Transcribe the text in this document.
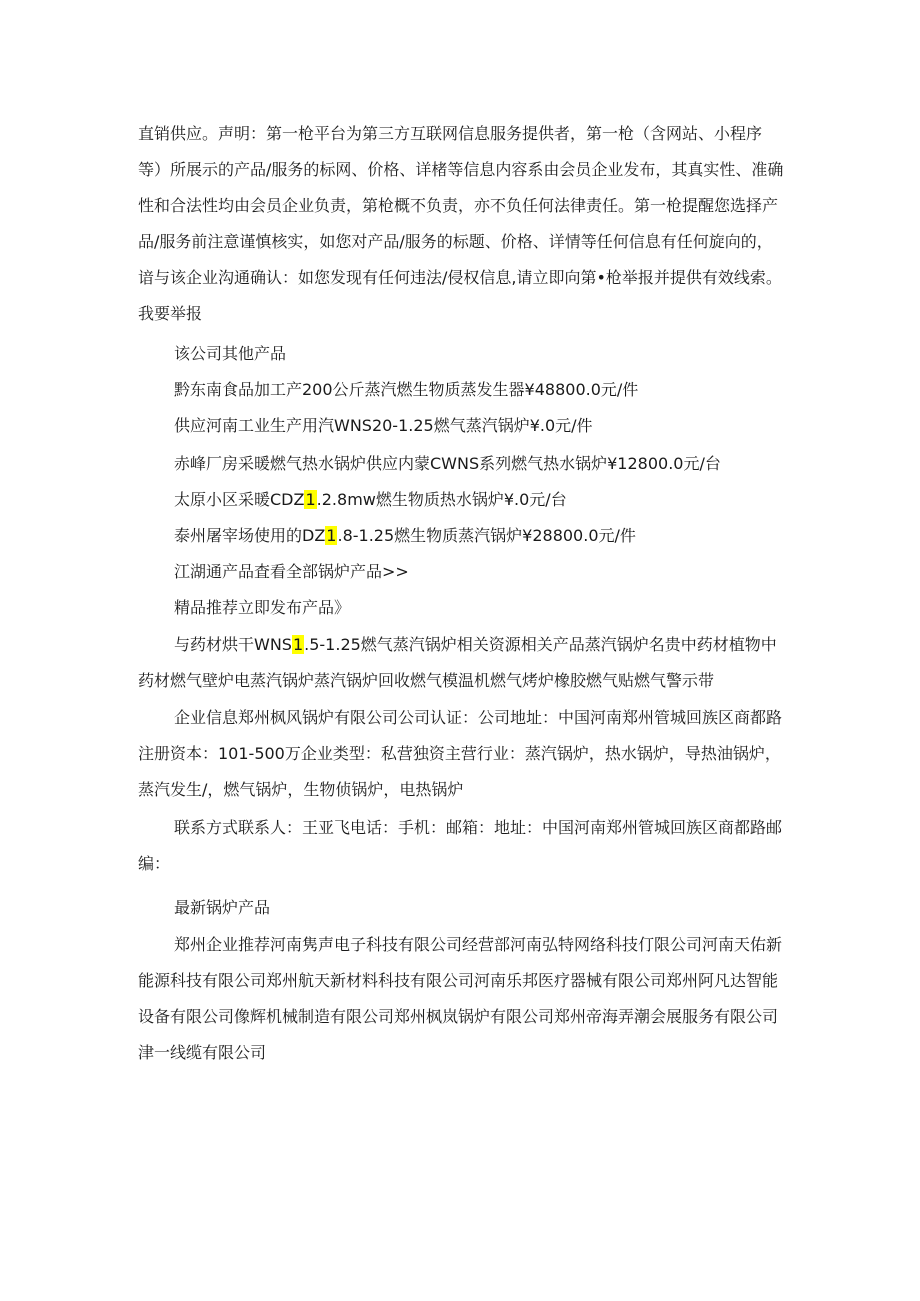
直销供应。声明：第一枪平台为第三方互联网信息服务提供者，第一枪（含网站、小程序等）所展示的产品/服务的标网、价格、详楮等信息内容系由会员企业发布，其真实性、准确性和合法性均由会员企业负责，第枪概不负责，亦不负任何法律责任。第一枪提醒您选择产品/服务前注意谨慎核实，如您对产品/服务的标题、价格、详情等任何信息有任何旋向的，谙与该企业沟通确认：如您发现有任何违法/侵权信息,请立即向第•枪举报并提供有效线索。我要举报

该公司其他产品

黔东南食品加工产200公斤蒸汽燃生物质蒸发生器¥48800.0元/件

供应河南工业生产用汽WNS20-1.25燃气蒸汽锅炉¥.0元/件

赤峰厂房采暖燃气热水锅炉供应内蒙CWNS系列燃气热水锅炉¥12800.0元/台

太原小区采暖CDZ1.2.8mw燃生物质热水锅炉¥.0元/台

泰州屠宰场使用的DZ1.8-1.25燃生物质蒸汽锅炉¥28800.0元/件

江湖通产品査看全部锅炉产品>>

精品推荐立即发布产品》

与药材烘干WNS1.5-1.25燃气蒸汽锅炉相关资源相关产品蒸汽锅炉名贵中药材植物中药材燃气壁炉电蒸汽锅炉蒸汽锅炉回收燃气模温机燃气烤炉橡胶燃气贴燃气警示带

企业信息郑州枫风锅炉有限公司公司认证：公司地址：中国河南郑州管城回族区商都路注册资本：101-500万企业类型：私营独资主营行业：蒸汽锅炉，热水锅炉，导热油锅炉，蒸汽发生/，燃气锅炉，生物侦锅炉，电热锅炉

联系方式联系人：王亚飞电话：手机：邮箱：地址：中国河南郑州管城回族区商都路邮编：

最新锅炉产品

郑州企业推荐河南隽声电子科技有限公司经营部河南弘特网络科技仃限公司河南天佑新能源科技有限公司郑州航天新材料科技有限公司河南乐邦医疗器械有限公司郑州阿凡达智能设备有限公司像辉机械制造有限公司郑州枫岚锅炉有限公司郑州帝海弄潮会展服务有限公司津一线缆有限公司
